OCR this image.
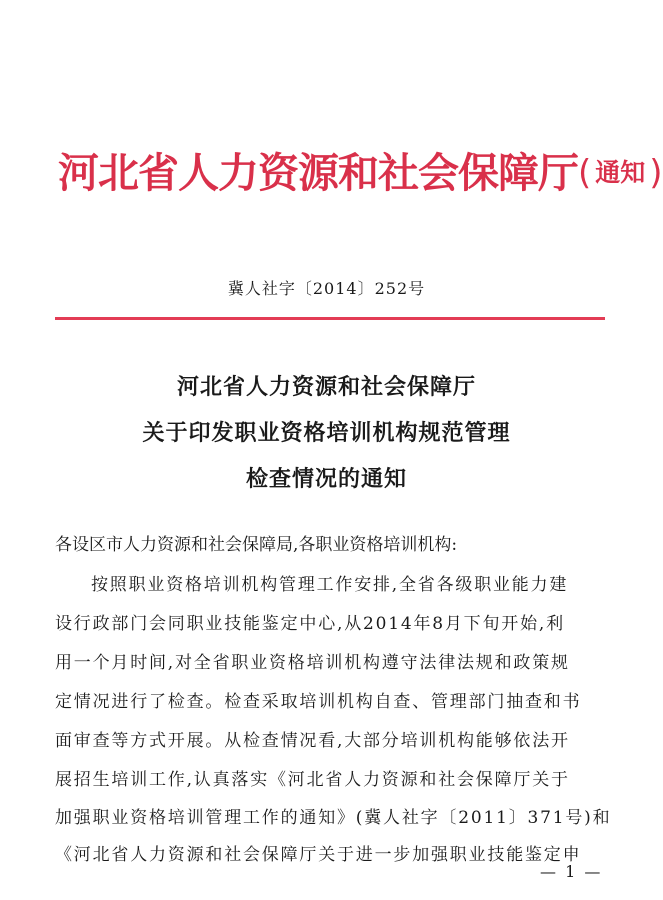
河北省人力资源和社会保障厅( 通知 )
冀人社字〔2014〕252号
河北省人力资源和社会保障厅
关于印发职业资格培训机构规范管理
检查情况的通知
各设区市人力资源和社会保障局,各职业资格培训机构:
按照职业资格培训机构管理工作安排,全省各级职业能力建
设行政部门会同职业技能鉴定中心,从2014年8月下旬开始,利
用一个月时间,对全省职业资格培训机构遵守法律法规和政策规
定情况进行了检查。检查采取培训机构自查、管理部门抽查和书
面审查等方式开展。从检查情况看,大部分培训机构能够依法开
展招生培训工作,认真落实《河北省人力资源和社会保障厅关于
加强职业资格培训管理工作的通知》(冀人社字〔2011〕371号)和
《河北省人力资源和社会保障厅关于进一步加强职业技能鉴定申
— 1 —
